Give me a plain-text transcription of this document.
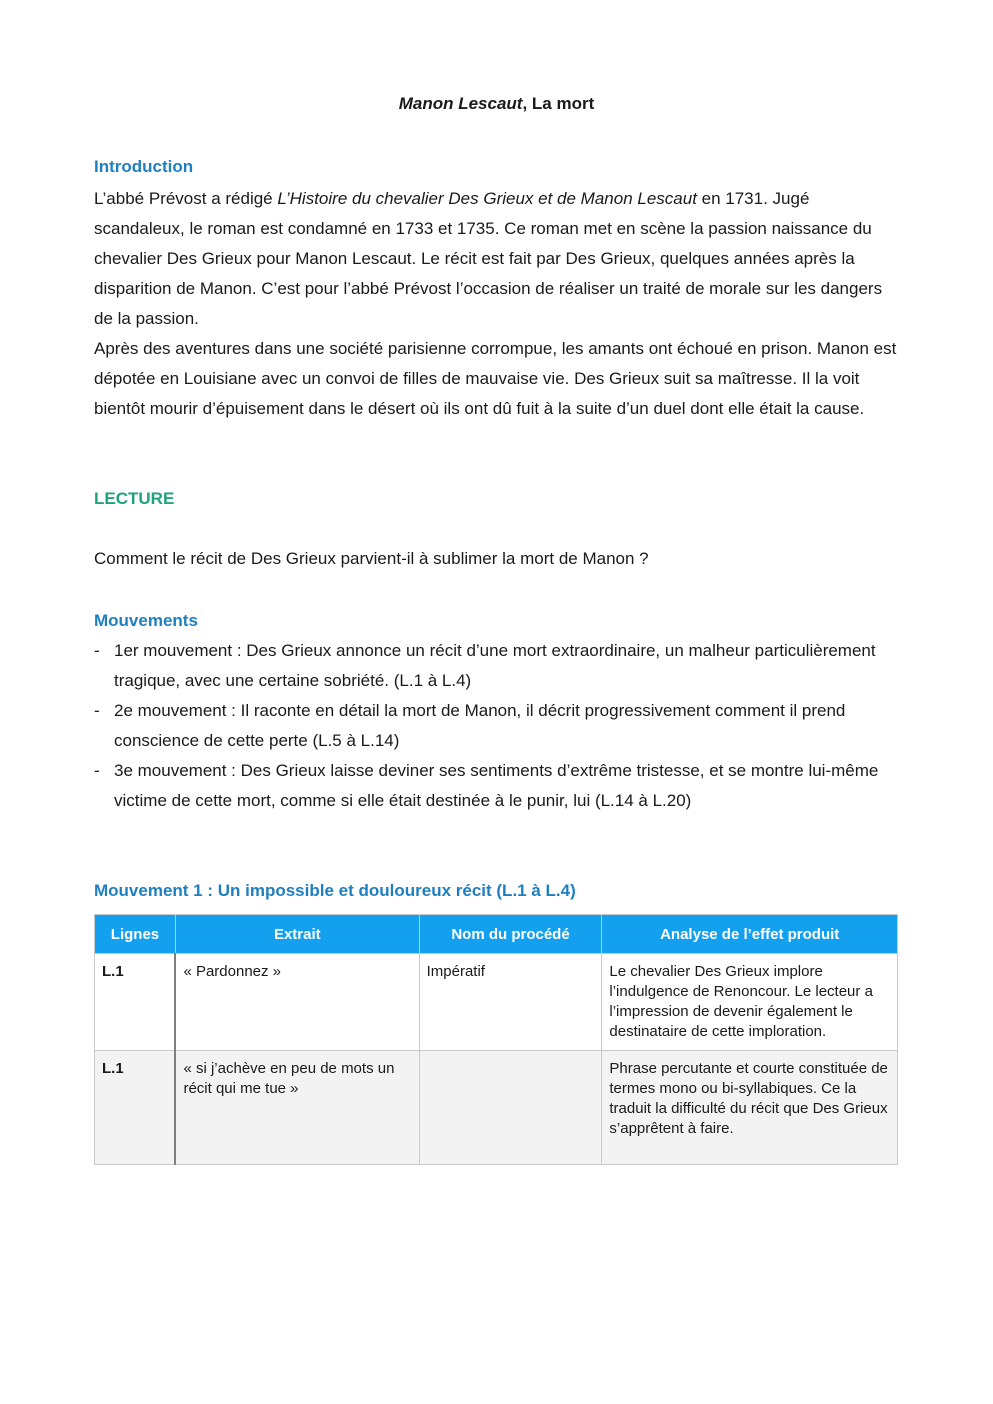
Manon Lescaut, La mort
Introduction

L’abbé Prévost a rédigé L’Histoire du chevalier Des Grieux et de Manon Lescaut en 1731. Jugé scandaleux, le roman est condamné en 1733 et 1735. Ce roman met en scène la passion naissance du chevalier Des Grieux pour Manon Lescaut. Le récit est fait par Des Grieux, quelques années après la disparition de Manon. C’est pour l’abbé Prévost l’occasion de réaliser un traité de morale sur les dangers de la passion.

Après des aventures dans une société parisienne corrompue, les amants ont échoué en prison. Manon est dépotée en Louisiane avec un convoi de filles de mauvaise vie. Des Grieux suit sa maîtresse. Il la voit bientôt mourir d’épuisement dans le désert où ils ont dû fuit à la suite d’un duel dont elle était la cause.

LECTURE

Comment le récit de Des Grieux parvient-il à sublimer la mort de Manon ?

Mouvements
- 1er mouvement : Des Grieux annonce un récit d’une mort extraordinaire, un malheur particulièrement tragique, avec une certaine sobriété. (L.1 à L.4)
- 2e mouvement : Il raconte en détail la mort de Manon, il décrit progressivement comment il prend conscience de cette perte (L.5 à L.14)
- 3e mouvement : Des Grieux laisse deviner ses sentiments d’extrême tristesse, et se montre lui-même victime de cette mort, comme si elle était destinée à le punir, lui (L.14 à L.20)
Mouvement 1 : Un impossible et douloureux récit (L.1 à L.4)
Lignes	Extrait	Nom du procédé	Analyse de l’effet produit
L.1	« Pardonnez »	Impératif	Le chevalier Des Grieux implore l’indulgence de Renoncour. Le lecteur a l’impression de devenir également le destinataire de cette imploration.
L.1	« si j’achève en peu de mots un récit qui me tue »		Phrase percutante et courte constituée de termes mono ou bi-syllabiques. Ce la traduit la difficulté du récit que Des Grieux s’apprêtent à faire.
